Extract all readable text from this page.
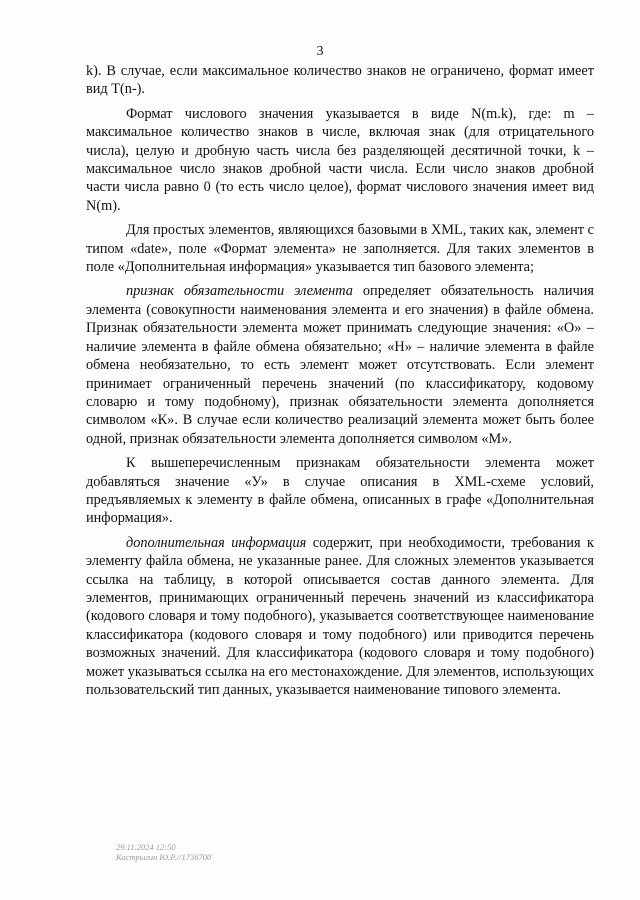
3

k). В случае, если максимальное количество знаков не ограничено, формат имеет вид T(n-).

Формат числового значения указывается в виде N(m.k), где: m – максимальное количество знаков в числе, включая знак (для отрицательного числа), целую и дробную часть числа без разделяющей десятичной точки, k – максимальное число знаков дробной части числа. Если число знаков дробной части числа равно 0 (то есть число целое), формат числового значения имеет вид N(m).

Для простых элементов, являющихся базовыми в XML, таких как, элемент с типом «date», поле «Формат элемента» не заполняется. Для таких элементов в поле «Дополнительная информация» указывается тип базового элемента;

признак обязательности элемента определяет обязательность наличия элемента (совокупности наименования элемента и его значения) в файле обмена. Признак обязательности элемента может принимать следующие значения: «О» – наличие элемента в файле обмена обязательно; «Н» – наличие элемента в файле обмена необязательно, то есть элемент может отсутствовать. Если элемент принимает ограниченный перечень значений (по классификатору, кодовому словарю и тому подобному), признак обязательности элемента дополняется символом «К». В случае если количество реализаций элемента может быть более одной, признак обязательности элемента дополняется символом «М».

К вышеперечисленным признакам обязательности элемента может добавляться значение «У» в случае описания в XML-схеме условий, предъявляемых к элементу в файле обмена, описанных в графе «Дополнительная информация».

дополнительная информация содержит, при необходимости, требования к элементу файла обмена, не указанные ранее. Для сложных элементов указывается ссылка на таблицу, в которой описывается состав данного элемента. Для элементов, принимающих ограниченный перечень значений из классификатора (кодового словаря и тому подобного), указывается соответствующее наименование классификатора (кодового словаря и тому подобного) или приводится перечень возможных значений. Для классификатора (кодового словаря и тому подобного) может указываться ссылка на его местонахождение. Для элементов, использующих пользовательский тип данных, указывается наименование типового элемента.

29.11.2024 12:50
Кострыгин Ю.Р.//1736700
